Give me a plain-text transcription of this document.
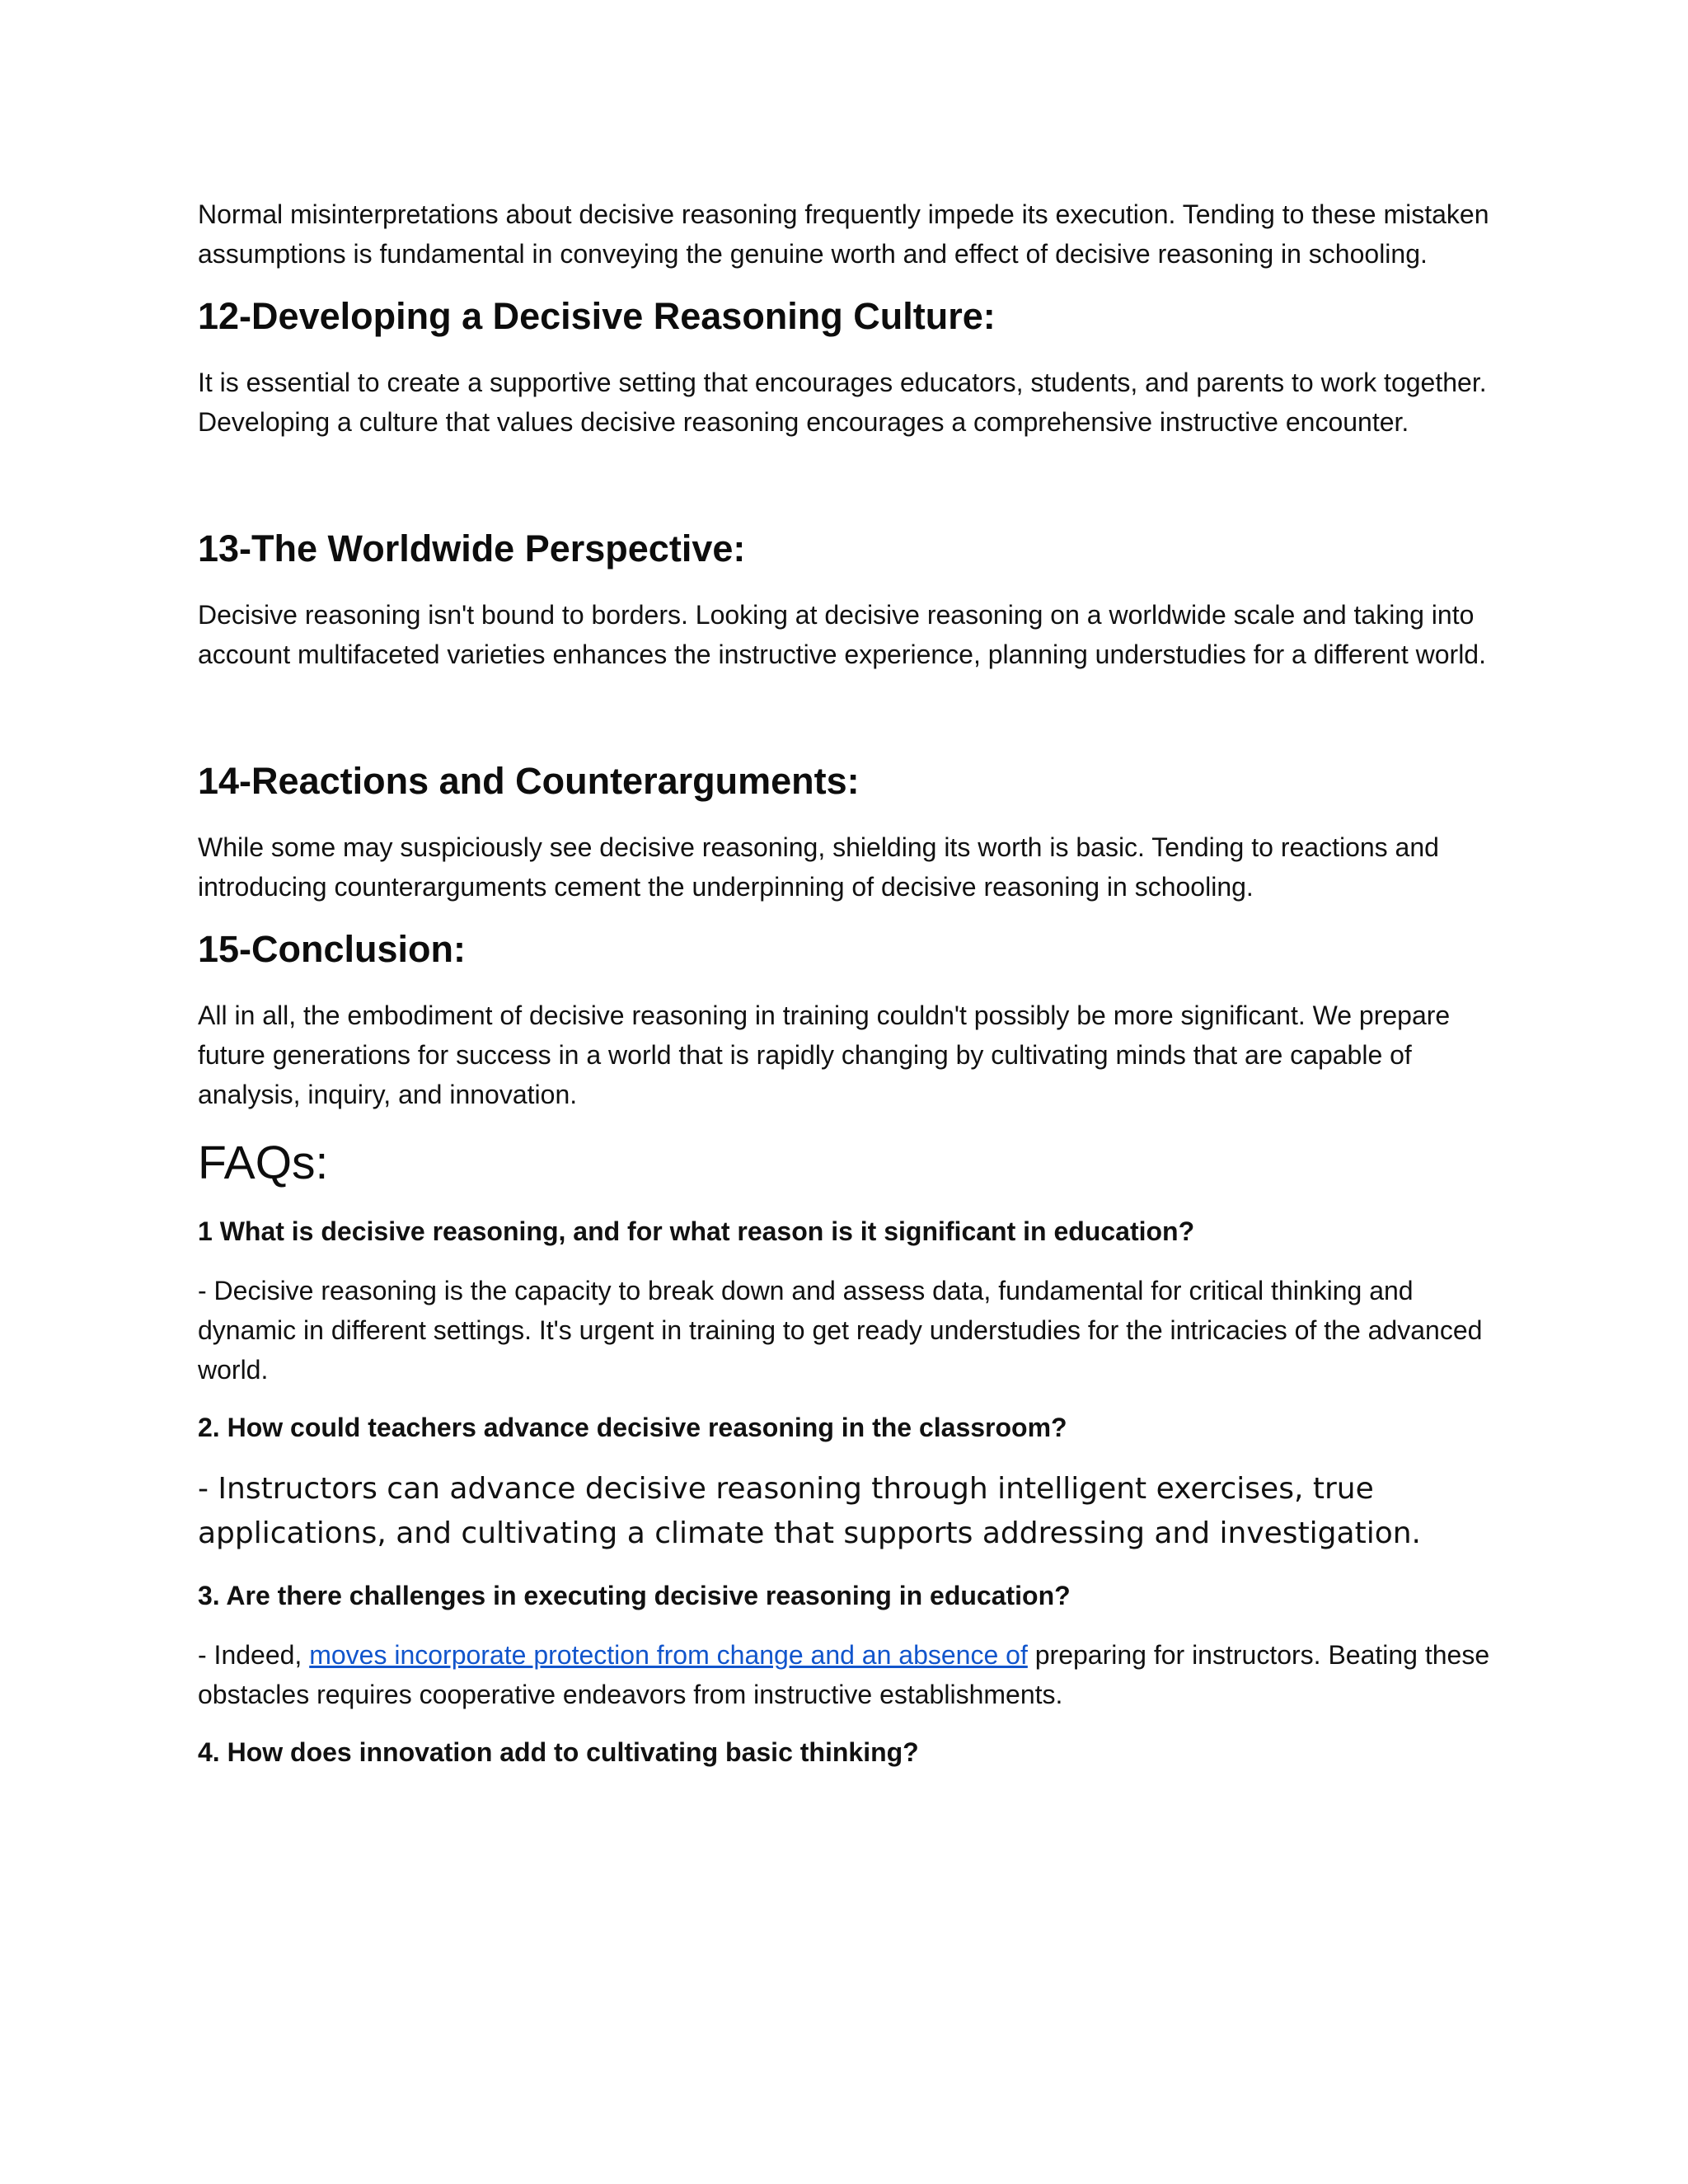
Normal misinterpretations about decisive reasoning frequently impede its execution. Tending to these mistaken assumptions is fundamental in conveying the genuine worth and effect of decisive reasoning in schooling.

12-Developing a Decisive Reasoning Culture:

It is essential to create a supportive setting that encourages educators, students, and parents to work together. Developing a culture that values decisive reasoning encourages a comprehensive instructive encounter.

13-The Worldwide Perspective:

Decisive reasoning isn't bound to borders. Looking at decisive reasoning on a worldwide scale and taking into account multifaceted varieties enhances the instructive experience, planning understudies for a different world.

14-Reactions and Counterarguments:

While some may suspiciously see decisive reasoning, shielding its worth is basic. Tending to reactions and introducing counterarguments cement the underpinning of decisive reasoning in schooling.

15-Conclusion:

All in all, the embodiment of decisive reasoning in training couldn't possibly be more significant. We prepare future generations for success in a world that is rapidly changing by cultivating minds that are capable of analysis, inquiry, and innovation.

FAQs:

1 What is decisive reasoning, and for what reason is it significant in education?

- Decisive reasoning is the capacity to break down and assess data, fundamental for critical thinking and dynamic in different settings. It's urgent in training to get ready understudies for the intricacies of the advanced world.

2. How could teachers advance decisive reasoning in the classroom?

- Instructors can advance decisive reasoning through intelligent exercises, true applications, and cultivating a climate that supports addressing and investigation.

3. Are there challenges in executing decisive reasoning in education?

- Indeed, moves incorporate protection from change and an absence of preparing for instructors. Beating these obstacles requires cooperative endeavors from instructive establishments.

4. How does innovation add to cultivating basic thinking?
